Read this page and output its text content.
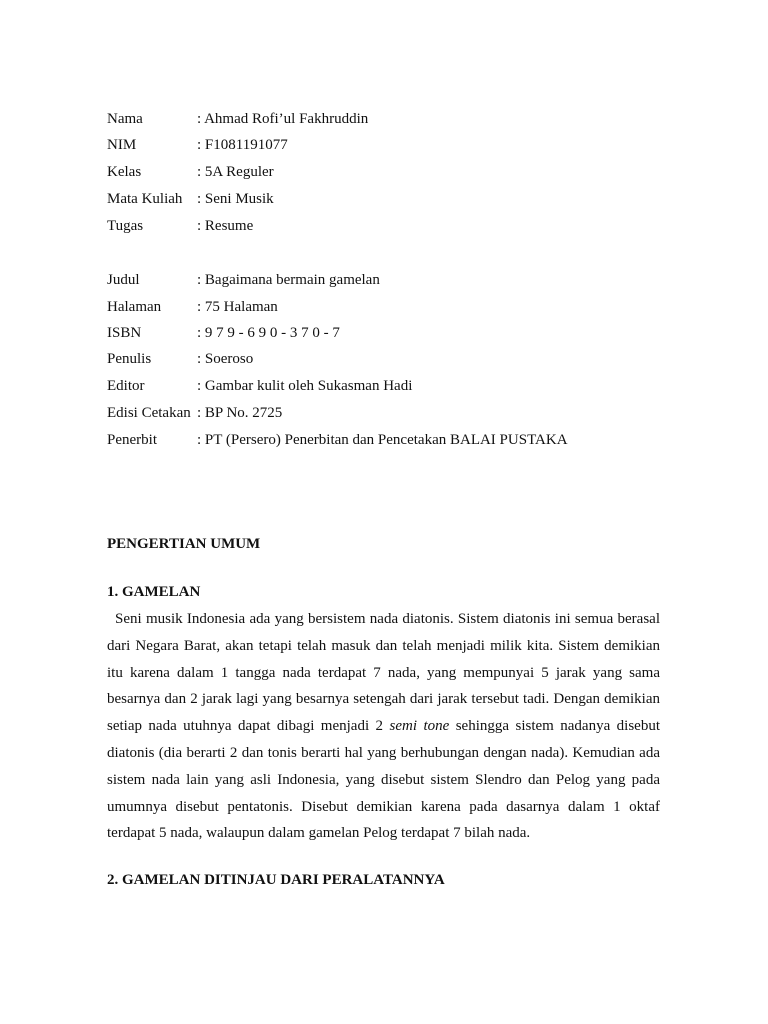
Nama	: Ahmad Rofi’ul Fakhruddin
NIM	: F1081191077
Kelas	: 5A Reguler
Mata Kuliah : Seni Musik
Tugas	: Resume
Judul	: Bagaimana bermain gamelan
Halaman : 75 Halaman
ISBN	: 9 7 9 - 6 9 0 - 3 7 0 - 7
Penulis	: Soeroso
Editor	: Gambar kulit oleh Sukasman Hadi
Edisi Cetakan : BP No. 2725
Penerbit	: PT (Persero) Penerbitan dan Pencetakan BALAI PUSTAKA
PENGERTIAN UMUM
1. GAMELAN

Seni musik Indonesia ada yang bersistem nada diatonis. Sistem diatonis ini semua berasal dari Negara Barat, akan tetapi telah masuk dan telah menjadi milik kita. Sistem demikian itu karena dalam 1 tangga nada terdapat 7 nada, yang mempunyai 5 jarak yang sama besarnya dan 2 jarak lagi yang besarnya setengah dari jarak tersebut tadi. Dengan demikian setiap nada utuhnya dapat dibagi menjadi 2 semi tone sehingga sistem nadanya disebut diatonis (dia berarti 2 dan tonis berarti hal yang berhubungan dengan nada). Kemudian ada sistem nada lain yang asli Indonesia, yang disebut sistem Slendro dan Pelog yang pada umumnya disebut pentatonis. Disebut demikian karena pada dasarnya dalam 1 oktaf terdapat 5 nada, walaupun dalam gamelan Pelog terdapat 7 bilah nada.

2. GAMELAN DITINJAU DARI PERALATANNYA
